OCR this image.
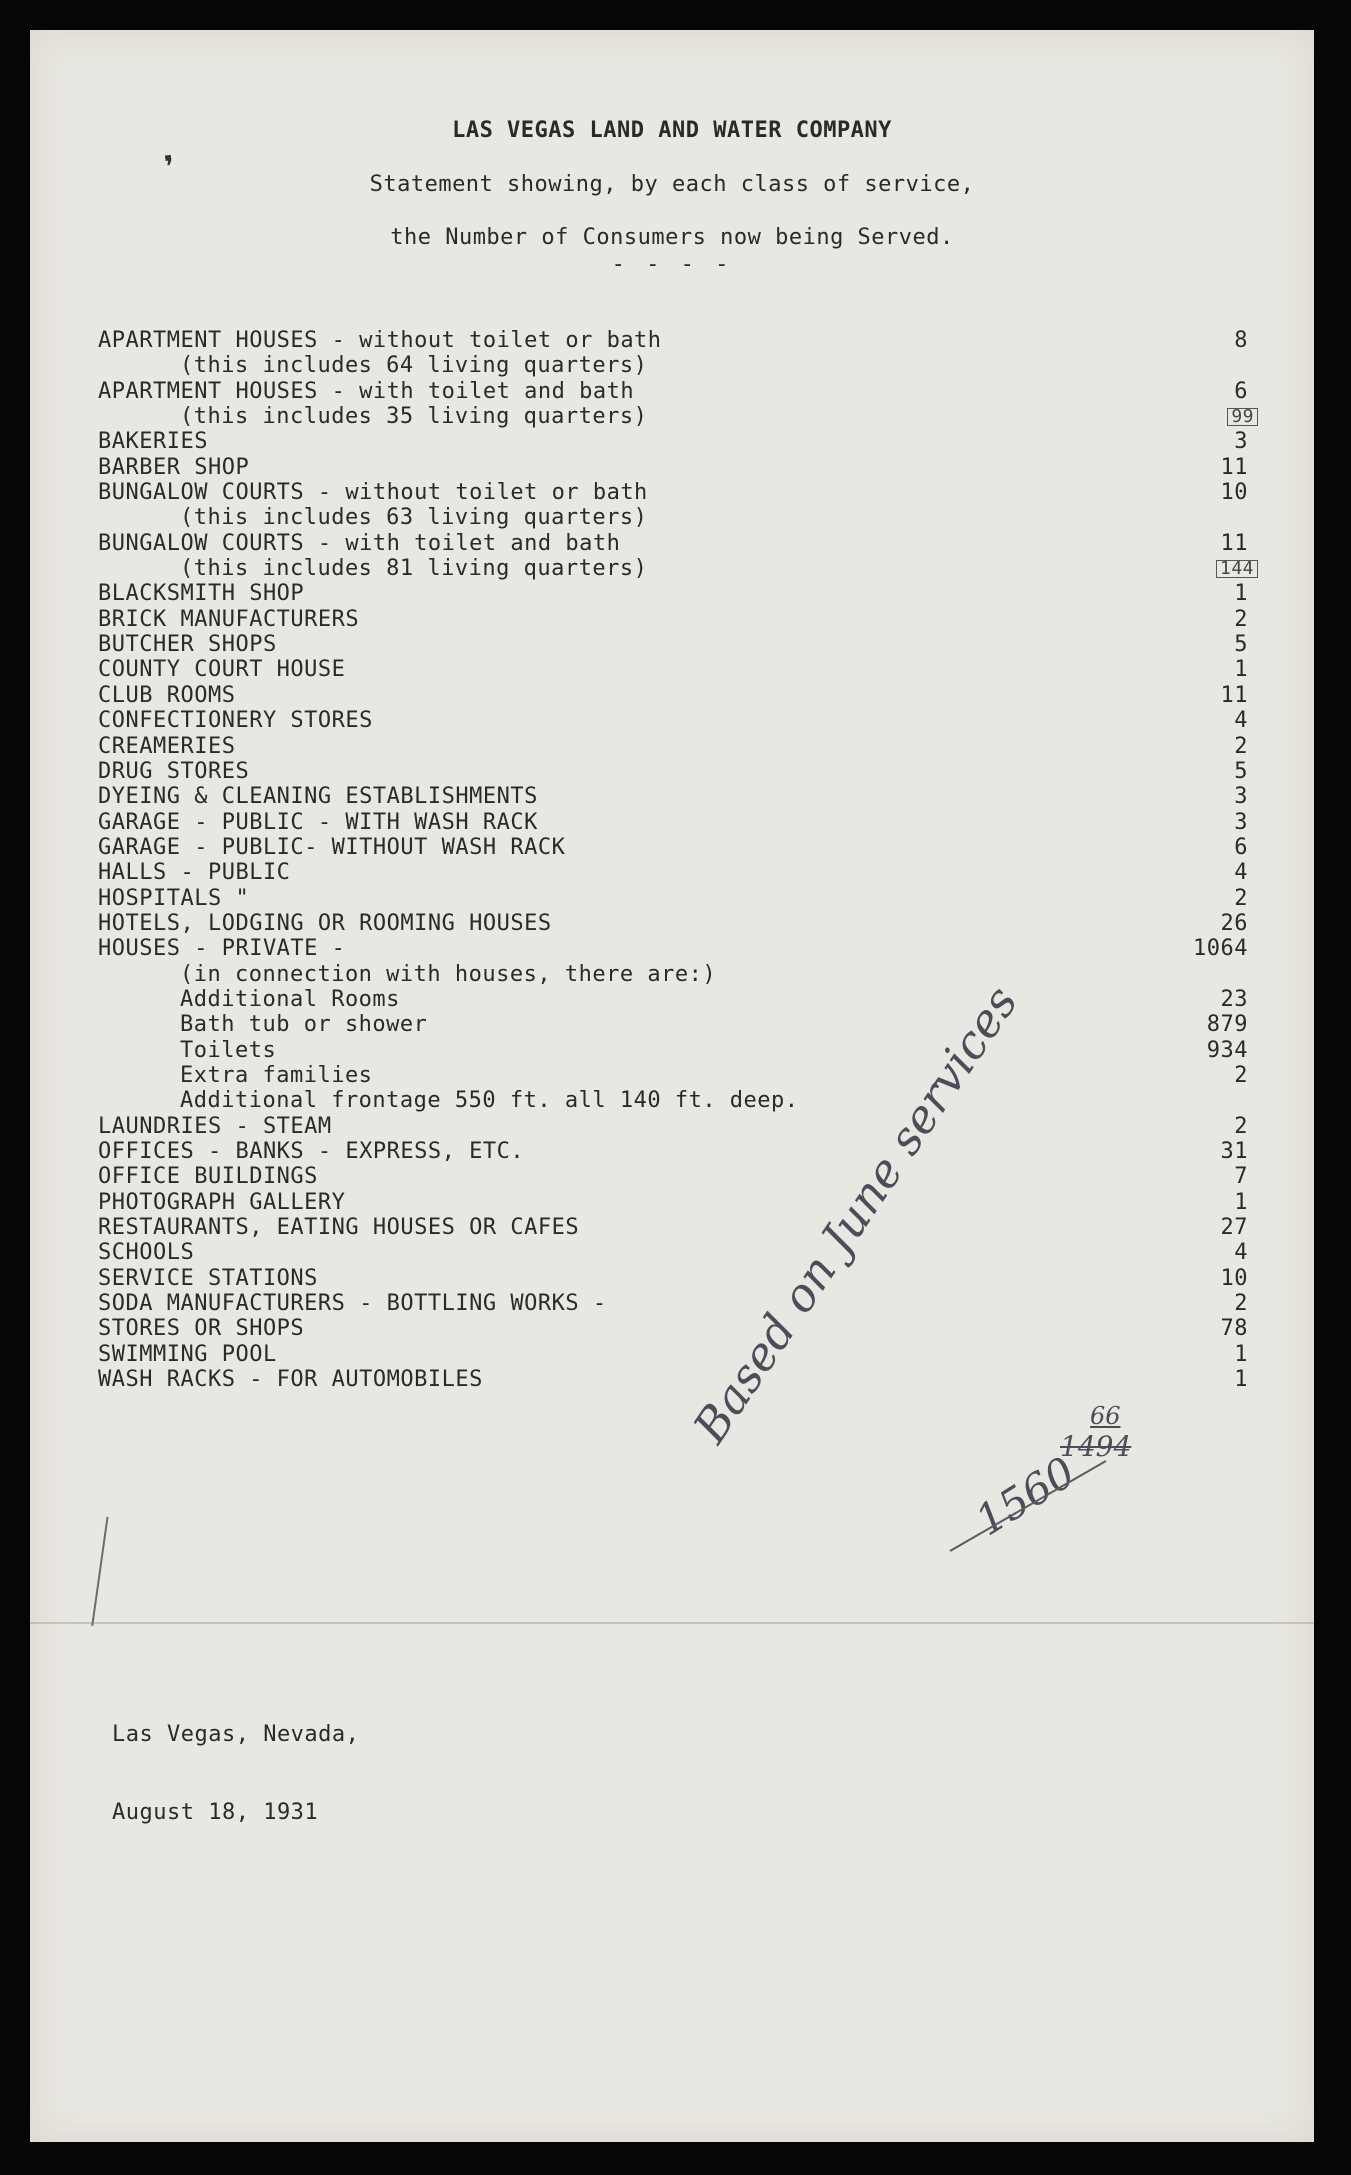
❜
LAS VEGAS LAND AND WATER COMPANY
Statement showing, by each class of service,
the Number of Consumers now being Served.
- - - -
APARTMENT HOUSES - without toilet or bath	8
(this includes 64 living quarters)
APARTMENT HOUSES - with toilet and bath	6
(this includes 35 living quarters)	99
BAKERIES	3
BARBER SHOP	11
BUNGALOW COURTS - without toilet or bath	10
(this includes 63 living quarters)
BUNGALOW COURTS - with toilet and bath	11
(this includes 81 living quarters)	144
BLACKSMITH SHOP	1
BRICK MANUFACTURERS	2
BUTCHER SHOPS	5
COUNTY COURT HOUSE	1
CLUB ROOMS	11
CONFECTIONERY STORES	4
CREAMERIES	2
DRUG STORES	5
DYEING & CLEANING ESTABLISHMENTS	3
GARAGE - PUBLIC - WITH WASH RACK	3
GARAGE - PUBLIC- WITHOUT WASH RACK	6
HALLS - PUBLIC	4
HOSPITALS "	2
HOTELS, LODGING OR ROOMING HOUSES	26
HOUSES - PRIVATE -	1064
(in connection with houses, there are:)
Additional Rooms	23
Bath tub or shower	879
Toilets	934
Extra families	2
Additional frontage 550 ft. all 140 ft. deep.
LAUNDRIES - STEAM	2
OFFICES - BANKS - EXPRESS, ETC.	31
OFFICE BUILDINGS	7
PHOTOGRAPH GALLERY	1
RESTAURANTS, EATING HOUSES OR CAFES	27
SCHOOLS	4
SERVICE STATIONS	10
SODA MANUFACTURERS - BOTTLING WORKS -	2
STORES OR SHOPS	78
SWIMMING POOL	1
WASH RACKS - FOR AUTOMOBILES	1

Las Vegas, Nevada,

August 18, 1931

Based on June services	66
1494
1560
